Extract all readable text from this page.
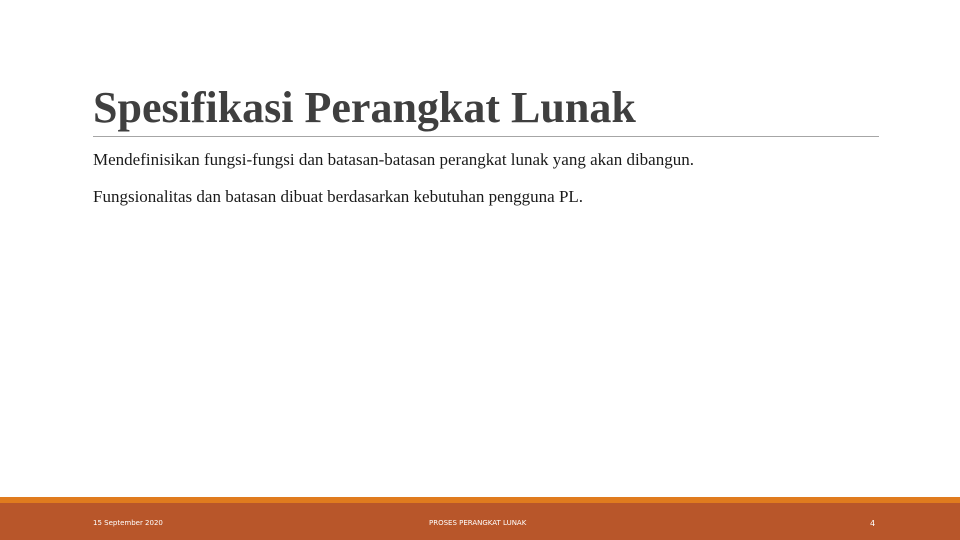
Spesifikasi Perangkat Lunak

Mendefinisikan fungsi-fungsi dan batasan-batasan perangkat lunak yang akan dibangun.

Fungsionalitas dan batasan dibuat berdasarkan kebutuhan pengguna PL.

15 September 2020	PROSES PERANGKAT LUNAK	4
